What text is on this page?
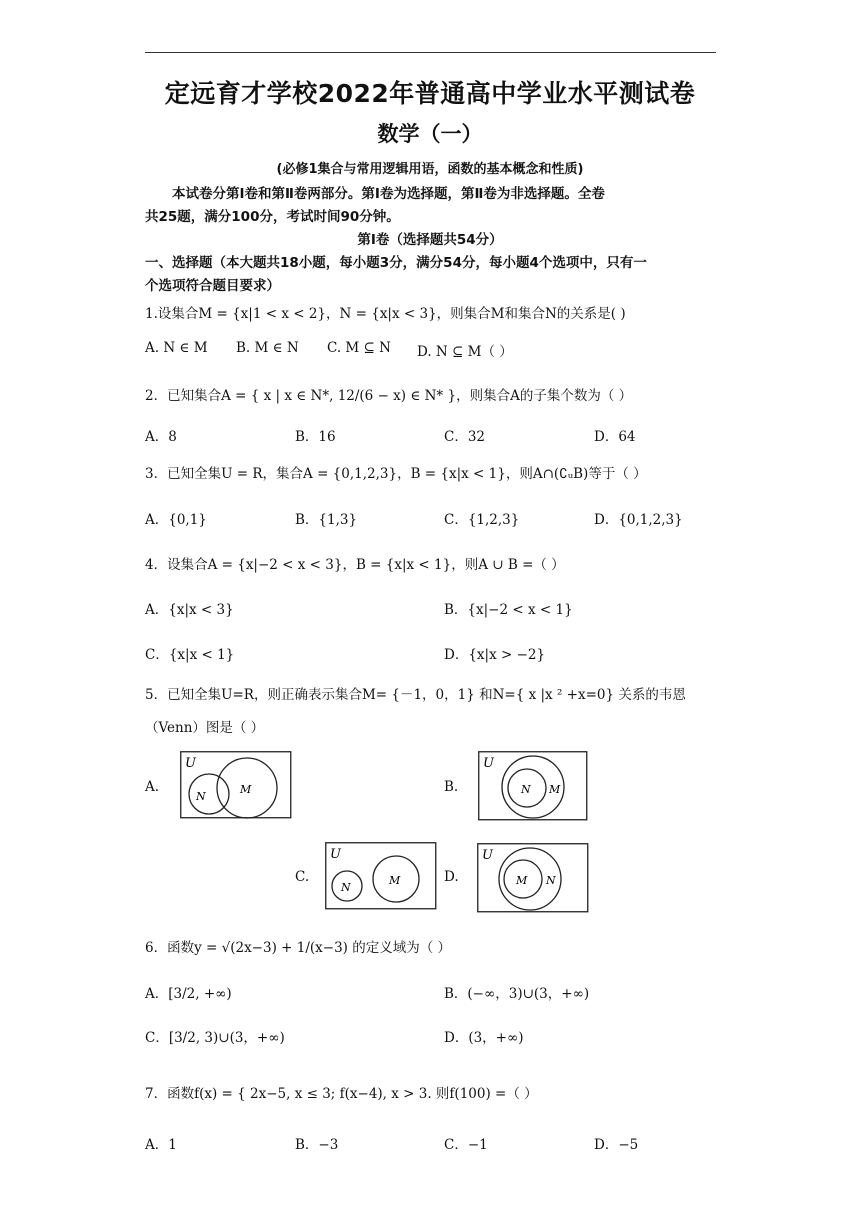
定远育才学校2022年普通高中学业水平测试卷
数学（一）
(必修1集合与常用逻辑用语，函数的基本概念和性质)
本试卷分第Ⅰ卷和第Ⅱ卷两部分。第Ⅰ卷为选择题，第Ⅱ卷为非选择题。全卷
共25题，满分100分，考试时间90分钟。
第Ⅰ卷（选择题共54分）
一、选择题（本大题共18小题，每小题3分，满分54分，每小题4个选项中，只有一
个选项符合题目要求）
1.设集合M = {x|1 < x < 2}，N = {x|x < 3}，则集合M和集合N的关系是( )
A. N ∈ M B. M ∈ N C. M ⊆ N D. N ⊆ M（ ）
2．已知集合A = { x | x ∈ N*, 12/(6 − x) ∈ N* }，则集合A的子集个数为（ ）
A．8	B．16	C．32	D．64
3．已知全集U = R，集合A = {0,1,2,3}，B = {x|x < 1}，则A∩(∁ᵤB)等于（ ）
A．{0,1}	B．{1,3}	C．{1,2,3}	D．{0,1,2,3}
4．设集合A = {x|−2 < x < 3}，B = {x|x < 1}，则A ∪ B =（ ）
A．{x|x < 3}	B．{x|−2 < x < 1}
C．{x|x < 1}	D．{x|x > −2}
5．已知全集U=R，则正确表示集合M= {－1，0，1} 和N={ x |x ² +x=0} 关系的韦恩
（Venn）图是（ ）
A.
U
N
M	B.
U
N M
C.
U
N
M	D.
U
M N
6．函数y = √(2x−3) + 1/(x−3) 的定义域为（ ）
A．[3/2, +∞)	B．(−∞，3)∪(3，+∞)
C．[3/2, 3)∪(3，+∞)	D．(3，+∞)
7．函数f(x) = { 2x−5, x ≤ 3; f(x−4), x > 3. 则f(100) =（ ）
A．1	B．−3	C．−1	D．−5
